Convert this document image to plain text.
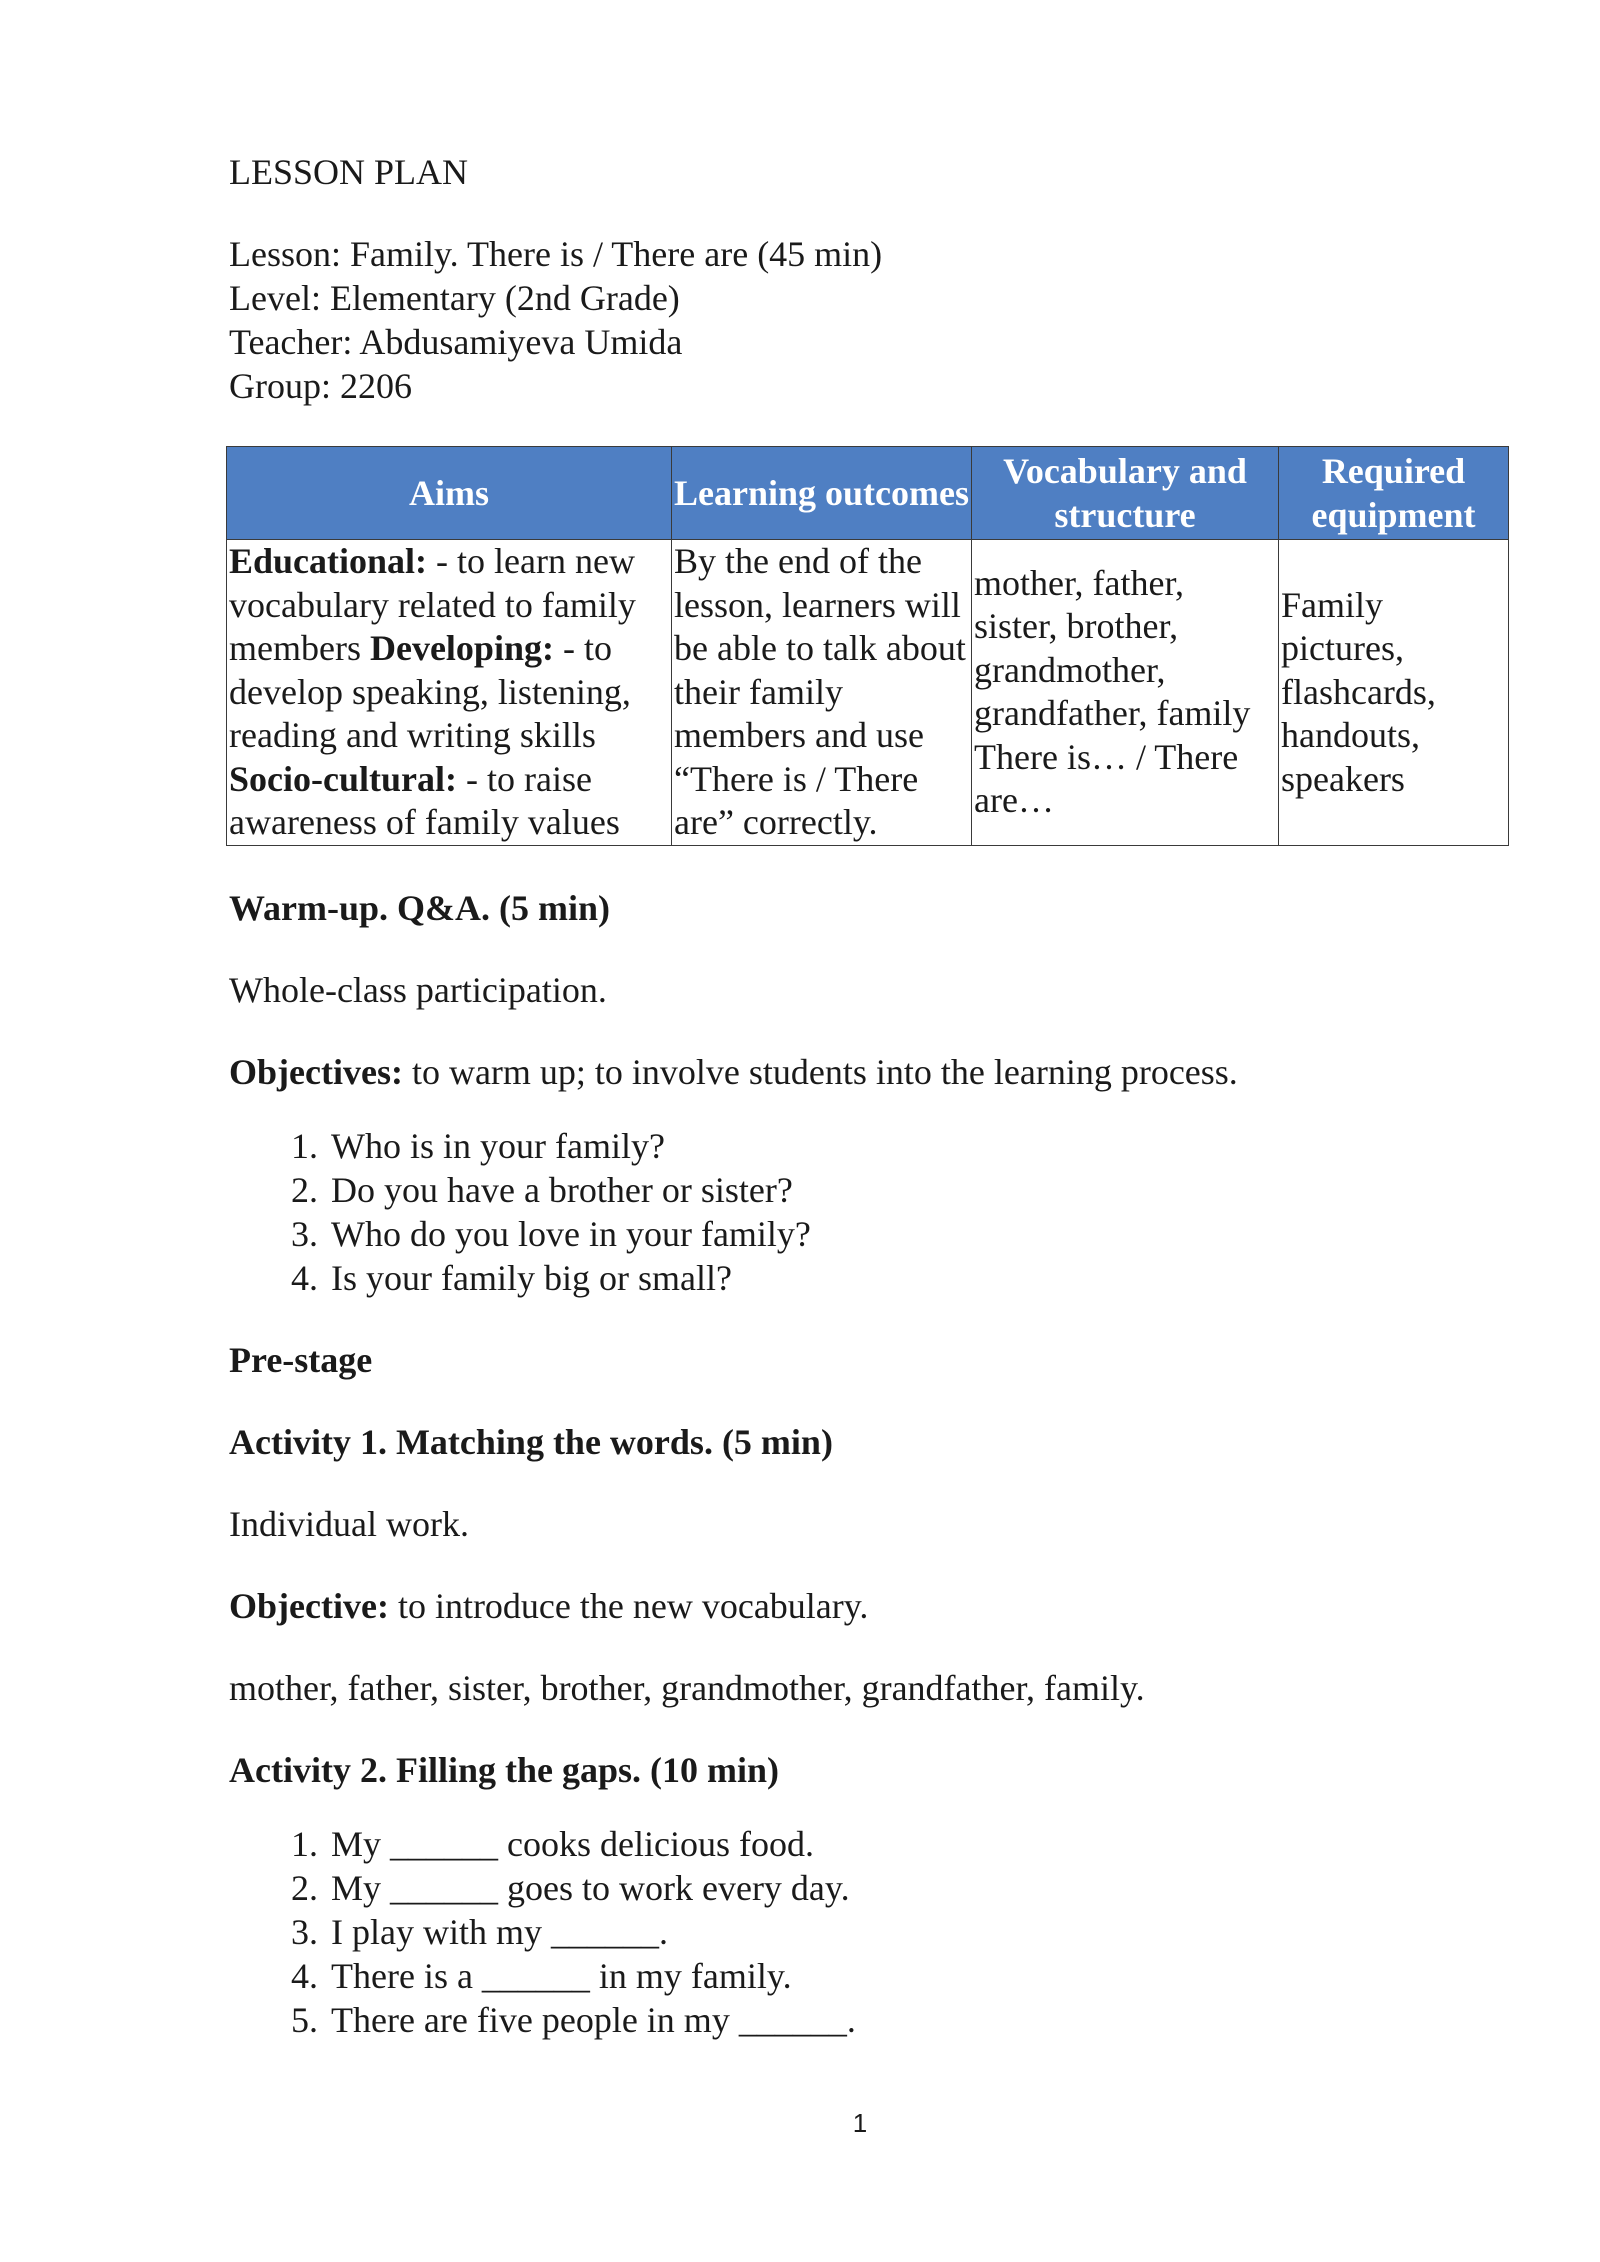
LESSON PLAN
Lesson: Family. There is / There are (45 min)
Level: Elementary (2nd Grade)
Teacher: Abdusamiyeva Umida
Group: 2206
Aims	Learning outcomes	Vocabulary and structure	Required equipment
Educational: - to learn new vocabulary related to family members Developing: - to develop speaking, listening, reading and writing skills Socio-cultural: - to raise awareness of family values	By the end of the lesson, learners will be able to talk about their family members and use “There is / There are” correctly.	mother, father, sister, brother, grandmother, grandfather, family There is… / There are…	Family pictures, flashcards, handouts, speakers
Warm-up. Q&A. (5 min)
Whole-class participation.
Objectives: to warm up; to involve students into the learning process.
1. Who is in your family?
2. Do you have a brother or sister?
3. Who do you love in your family?
4. Is your family big or small?
Pre-stage
Activity 1. Matching the words. (5 min)
Individual work.
Objective: to introduce the new vocabulary.
mother, father, sister, brother, grandmother, grandfather, family.
Activity 2. Filling the gaps. (10 min)
1. My ______ cooks delicious food.
2. My ______ goes to work every day.
3. I play with my ______.
4. There is a ______ in my family.
5. There are five people in my ______.
1
